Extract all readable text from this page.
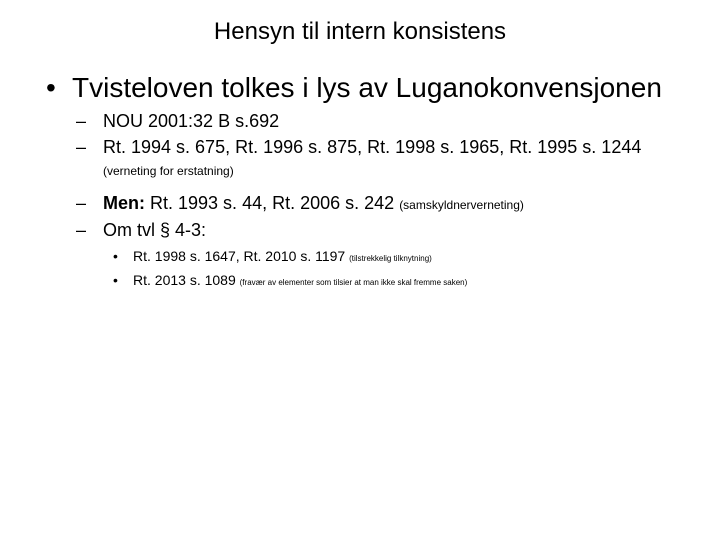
Hensyn til intern konsistens
• Tvisteloven tolkes i lys av Luganokonvensjonen
– NOU 2001:32 B s.692
– Rt. 1994 s. 675, Rt. 1996 s. 875, Rt. 1998 s. 1965, Rt. 1995 s. 1244 (verneting for erstatning)
– Men: Rt. 1993 s. 44, Rt. 2006 s. 242 (samskyldnerverneting)
– Om tvl § 4-3:
• Rt. 1998 s. 1647, Rt. 2010 s. 1197 (tilstrekkelig tilknytning)
• Rt. 2013 s. 1089 (fravær av elementer som tilsier at man ikke skal fremme saken)
